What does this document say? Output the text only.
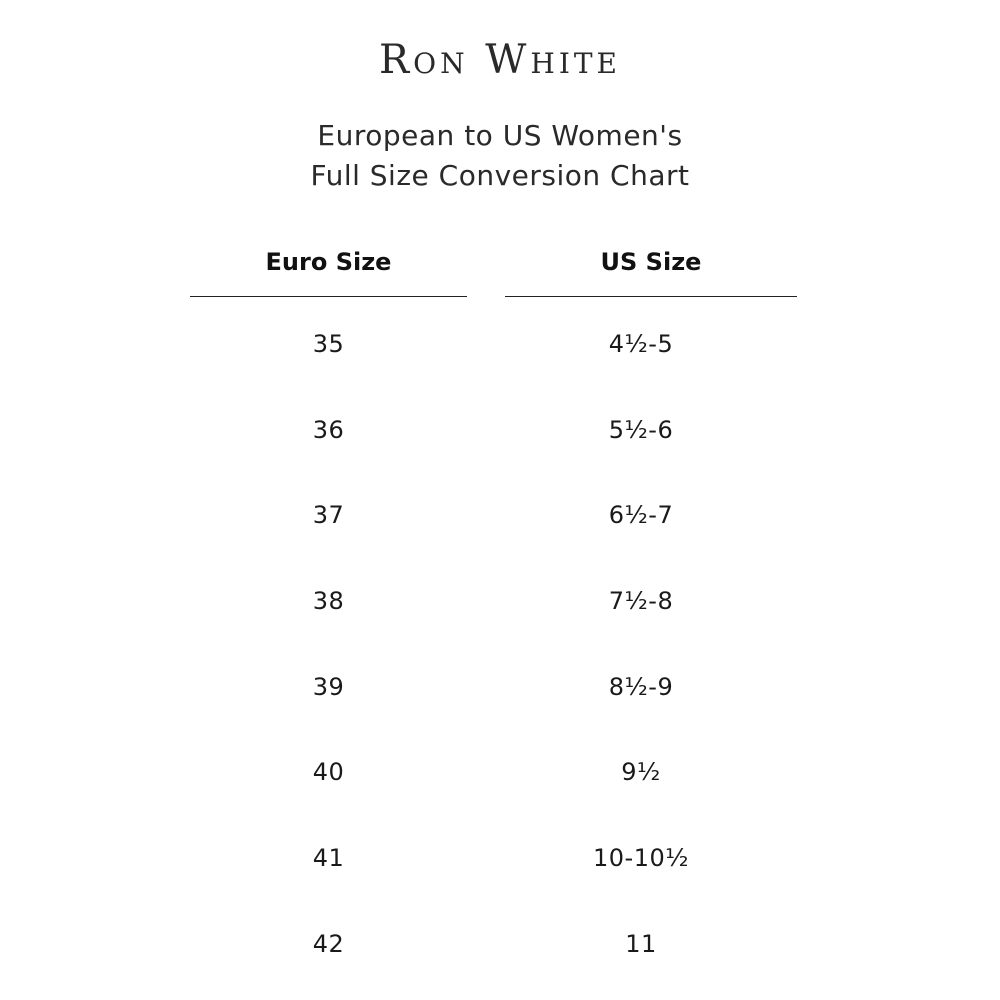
Ron White
European to US Women's
Full Size Conversion Chart
Euro Size	US Size
35	4½-5
36	5½-6
37	6½-7
38	7½-8
39	8½-9
40	9½
41	10-10½
42	11
